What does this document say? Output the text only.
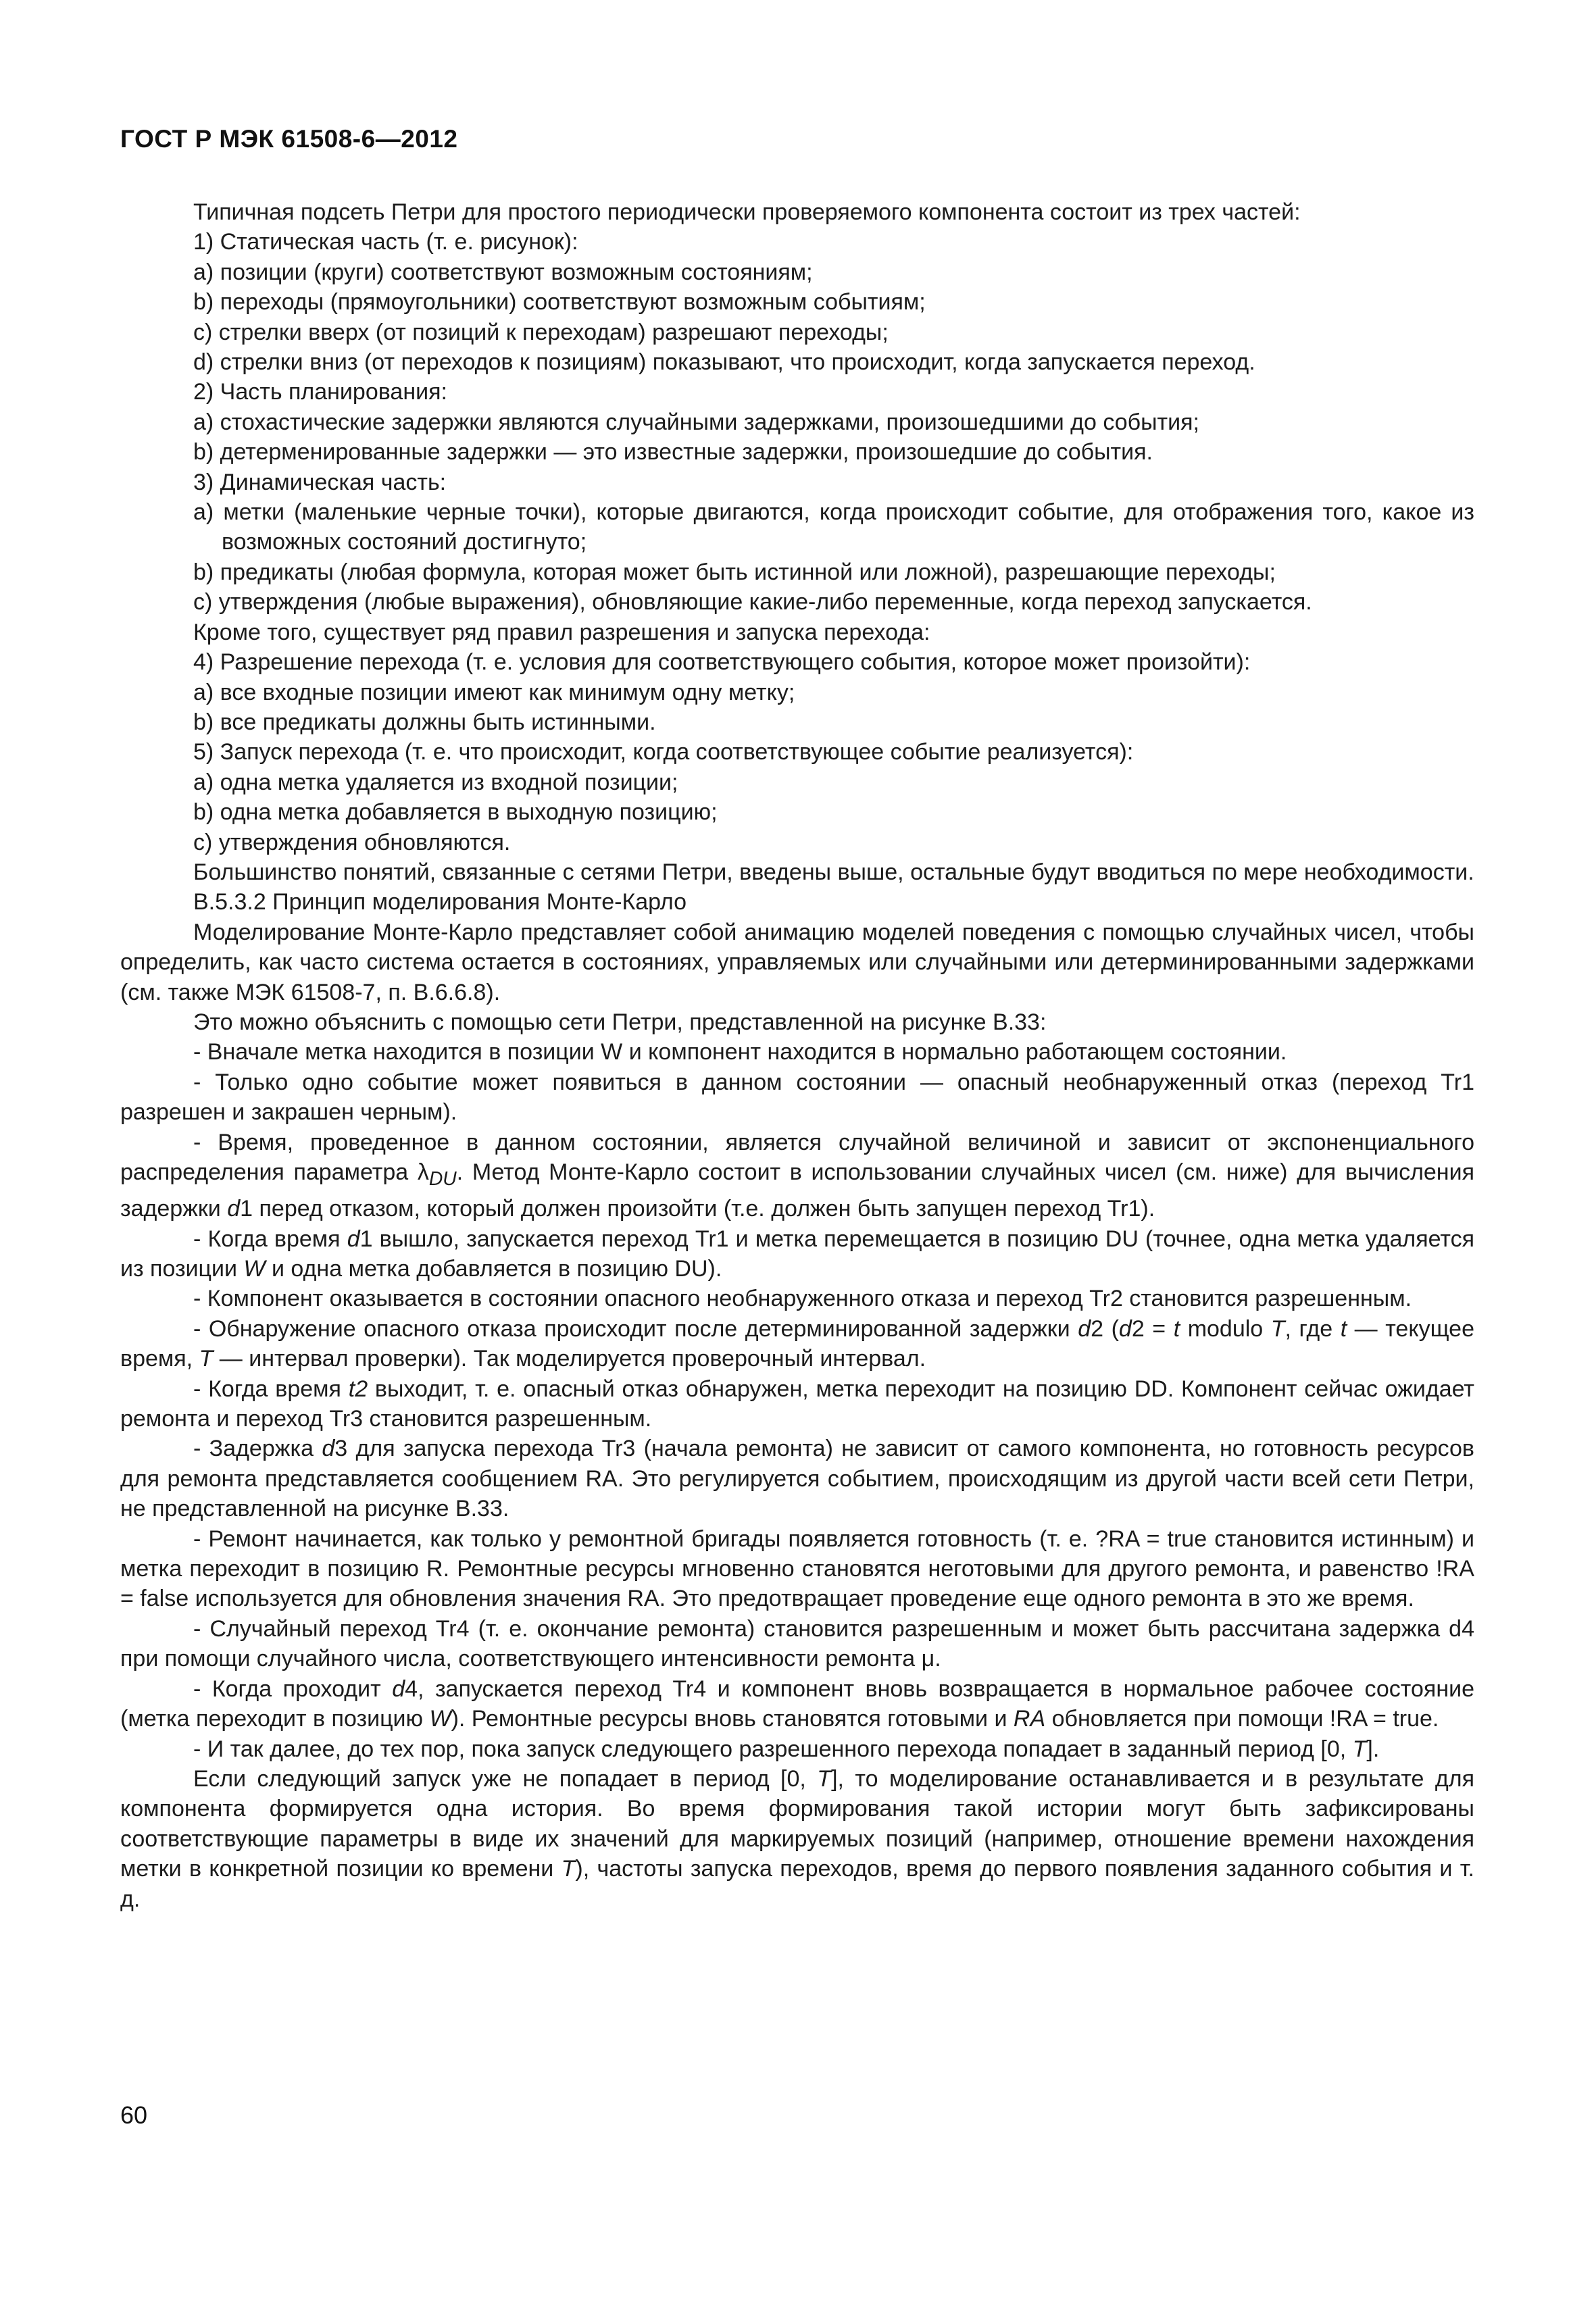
ГОСТ Р МЭК 61508-6—2012

Типичная подсеть Петри для простого периодически проверяемого компонента состоит из трех частей:

1) Статическая часть (т. е. рисунок):

a) позиции (круги) соответствуют возможным состояниям;

b) переходы (прямоугольники) соответствуют возможным событиям;

c) стрелки вверх (от позиций к переходам) разрешают переходы;

d) стрелки вниз (от переходов к позициям) показывают, что происходит, когда запускается переход.

2) Часть планирования:

a) стохастические задержки являются случайными задержками, произошедшими до события;

b) детерменированные задержки — это известные задержки, произошедшие до события.

3) Динамическая часть:

a) метки (маленькие черные точки), которые двигаются, когда происходит событие, для отображения того, какое из возможных состояний достигнуто;

b) предикаты (любая формула, которая может быть истинной или ложной), разрешающие переходы;

c) утверждения (любые выражения), обновляющие какие-либо переменные, когда переход запускается.

Кроме того, существует ряд правил разрешения и запуска перехода:

4) Разрешение перехода (т. е. условия для соответствующего события, которое может произойти):

a) все входные позиции имеют как минимум одну метку;

b) все предикаты должны быть истинными.

5) Запуск перехода (т. е. что происходит, когда соответствующее событие реализуется):

a) одна метка удаляется из входной позиции;

b) одна метка добавляется в выходную позицию;

c) утверждения обновляются.

Большинство понятий, связанные с сетями Петри, введены выше, остальные будут вводиться по мере необходимости.

В.5.3.2 Принцип моделирования Монте-Карло

Моделирование Монте-Карло представляет собой анимацию моделей поведения с помощью случайных чисел, чтобы определить, как часто система остается в состояниях, управляемых или случайными или детерминированными задержками (см. также МЭК 61508-7, п. В.6.6.8).

Это можно объяснить с помощью сети Петри, представленной на рисунке В.33:

- Вначале метка находится в позиции W и компонент находится в нормально работающем состоянии.

- Только одно событие может появиться в данном состоянии — опасный необнаруженный отказ (переход Tr1 разрешен и закрашен черным).

- Время, проведенное в данном состоянии, является случайной величиной и зависит от экспоненциального распределения параметра $\lambda_{DU}$. Метод Монте-Карло состоит в использовании случайных чисел (см. ниже) для вычисления задержки d1 перед отказом, который должен произойти (т.е. должен быть запущен переход Tr1).

- Когда время d1 вышло, запускается переход Tr1 и метка перемещается в позицию DU (точнее, одна метка удаляется из позиции W и одна метка добавляется в позицию DU).

- Компонент оказывается в состоянии опасного необнаруженного отказа и переход Tr2 становится разрешенным.

- Обнаружение опасного отказа происходит после детерминированной задержки d2 (d2 = t modulo T, где t — текущее время, T — интервал проверки). Так моделируется проверочный интервал.

- Когда время t2 выходит, т. е. опасный отказ обнаружен, метка переходит на позицию DD. Компонент сейчас ожидает ремонта и переход Tr3 становится разрешенным.

- Задержка d3 для запуска перехода Tr3 (начала ремонта) не зависит от самого компонента, но готовность ресурсов для ремонта представляется сообщением RA. Это регулируется событием, происходящим из другой части всей сети Петри, не представленной на рисунке В.33.

- Ремонт начинается, как только у ремонтной бригады появляется готовность (т. е. ?RA = true становится истинным) и метка переходит в позицию R. Ремонтные ресурсы мгновенно становятся неготовыми для другого ремонта, и равенство !RA = false используется для обновления значения RA. Это предотвращает проведение еще одного ремонта в это же время.

- Случайный переход Tr4 (т. е. окончание ремонта) становится разрешенным и может быть рассчитана задержка d4 при помощи случайного числа, соответствующего интенсивности ремонта μ.

- Когда проходит d4, запускается переход Tr4 и компонент вновь возвращается в нормальное рабочее состояние (метка переходит в позицию W). Ремонтные ресурсы вновь становятся готовыми и RA обновляется при помощи !RA = true.

- И так далее, до тех пор, пока запуск следующего разрешенного перехода попадает в заданный период [0, T].

Если следующий запуск уже не попадает в период [0, T], то моделирование останавливается и в результате для компонента формируется одна история. Во время формирования такой истории могут быть зафиксированы соответствующие параметры в виде их значений для маркируемых позиций (например, отношение времени нахождения метки в конкретной позиции ко времени T), частоты запуска переходов, время до первого появления заданного события и т. д.

60
